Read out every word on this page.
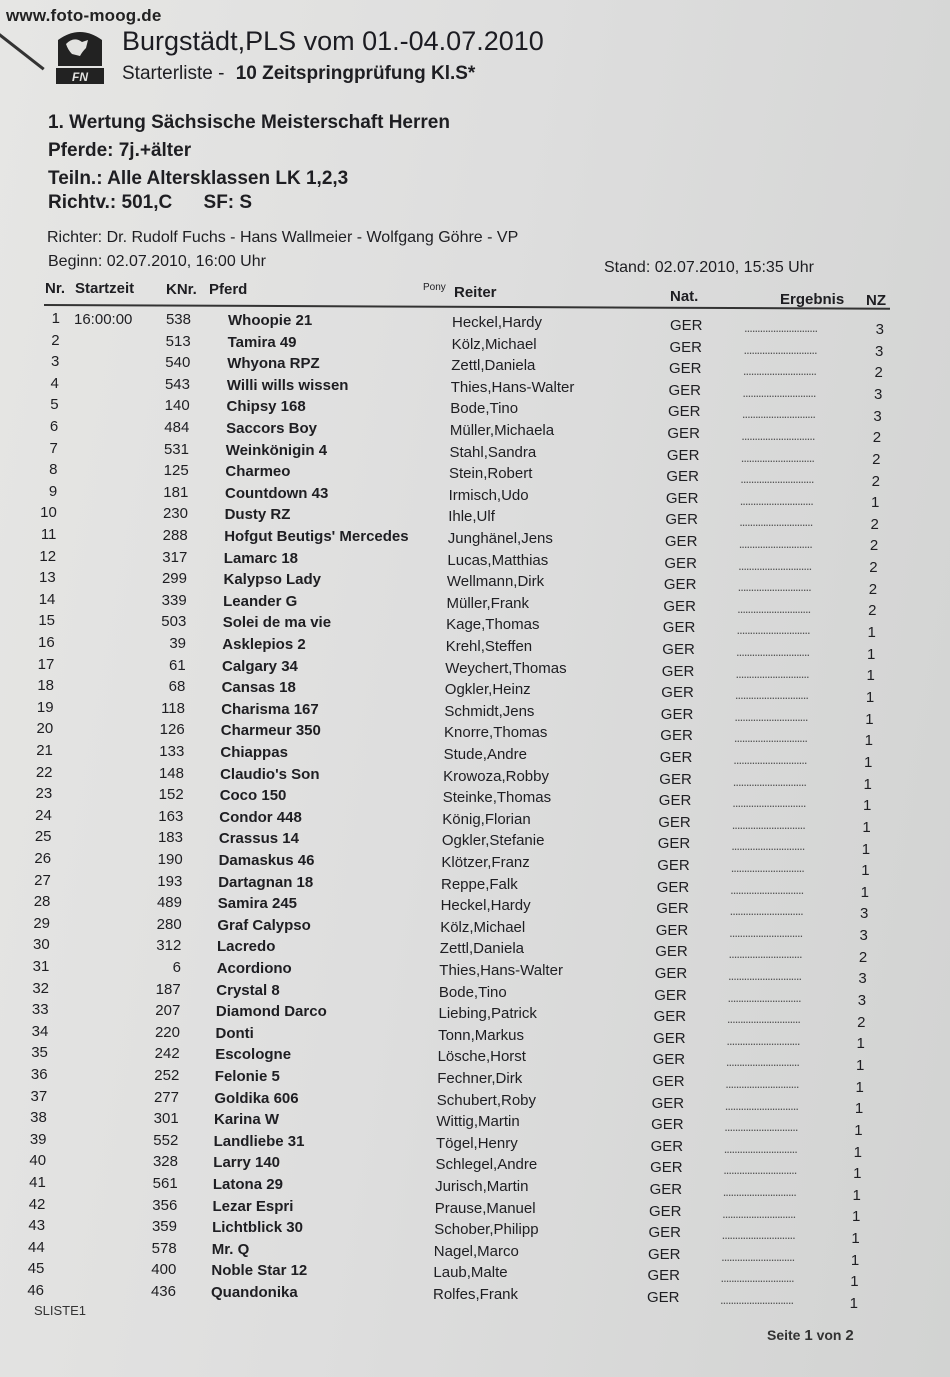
www.foto-moog.de
FN
Burgstädt,PLS vom 01.-04.07.2010
Starterliste - 10 Zeitspringprüfung Kl.S*
1. Wertung Sächsische Meisterschaft Herren
Pferde: 7j.+älter
Teiln.: Alle Altersklassen LK 1,2,3
Richtv.: 501,C SF: S
Richter: Dr. Rudolf Fuchs - Hans Wallmeier - Wolfgang Göhre - VP
Beginn: 02.07.2010, 16:00 Uhr	Stand: 02.07.2010, 15:35 Uhr
Nr. Startzeit KNr. Pferd	Pony Reiter	Nat.	Ergebnis NZ
1 16:00:00	538 Whoopie 21	Heckel,Hardy	GER	............................	3
2	513 Tamira 49	Kölz,Michael	GER	............................	3
3	540 Whyona RPZ	Zettl,Daniela	GER	............................	2
4	543 Willi wills wissen	Thies,Hans-Walter	GER	............................	3
5	140 Chipsy 168	Bode,Tino	GER	............................	3
6	484 Saccors Boy	Müller,Michaela	GER	............................	2
7	531 Weinkönigin 4	Stahl,Sandra	GER	............................	2
8	125 Charmeo	Stein,Robert	GER	............................	2
9	181 Countdown 43	Irmisch,Udo	GER	............................	1
10	230 Dusty RZ	Ihle,Ulf	GER	............................	2
11	288 Hofgut Beutigs' Mercedes	Junghänel,Jens	GER	............................	2
12	317 Lamarc 18	Lucas,Matthias	GER	............................	2
13	299 Kalypso Lady	Wellmann,Dirk	GER	............................	2
14	339 Leander G	Müller,Frank	GER	............................	2
15	503 Solei de ma vie	Kage,Thomas	GER	............................	1
16	39 Asklepios 2	Krehl,Steffen	GER	............................	1
17	61 Calgary 34	Weychert,Thomas	GER	............................	1
18	68 Cansas 18	Ogkler,Heinz	GER	............................	1
19	118 Charisma 167	Schmidt,Jens	GER	............................	1
20	126 Charmeur 350	Knorre,Thomas	GER	............................	1
21	133 Chiappas	Stude,Andre	GER	............................	1
22	148 Claudio's Son	Krowoza,Robby	GER	............................	1
23	152 Coco 150	Steinke,Thomas	GER	............................	1
24	163 Condor 448	König,Florian	GER	............................	1
25	183 Crassus 14	Ogkler,Stefanie	GER	............................	1
26	190 Damaskus 46	Klötzer,Franz	GER	............................	1
27	193 Dartagnan 18	Reppe,Falk	GER	............................	1
28	489 Samira 245	Heckel,Hardy	GER	............................	3
29	280 Graf Calypso	Kölz,Michael	GER	............................	3
30	312 Lacredo	Zettl,Daniela	GER	............................	2
31	6 Acordiono	Thies,Hans-Walter	GER	............................	3
32	187 Crystal 8	Bode,Tino	GER	............................	3
33	207 Diamond Darco	Liebing,Patrick	GER	............................	2
34	220 Donti	Tonn,Markus	GER	............................	1
35	242 Escologne	Lösche,Horst	GER	............................	1
36	252 Felonie 5	Fechner,Dirk	GER	............................	1
37	277 Goldika 606	Schubert,Roby	GER	............................	1
38	301 Karina W	Wittig,Martin	GER	............................	1
39	552 Landliebe 31	Tögel,Henry	GER	............................	1
40	328 Larry 140	Schlegel,Andre	GER	............................	1
41	561 Latona 29	Jurisch,Martin	GER	............................	1
42	356 Lezar Espri	Prause,Manuel	GER	............................	1
43	359 Lichtblick 30	Schober,Philipp	GER	............................	1
44	578 Mr. Q	Nagel,Marco	GER	............................	1
45	400 Noble Star 12	Laub,Malte	GER	............................	1
46	436 Quandonika	Rolfes,Frank	GER	............................	1
SLISTE1
Seite 1 von 2
